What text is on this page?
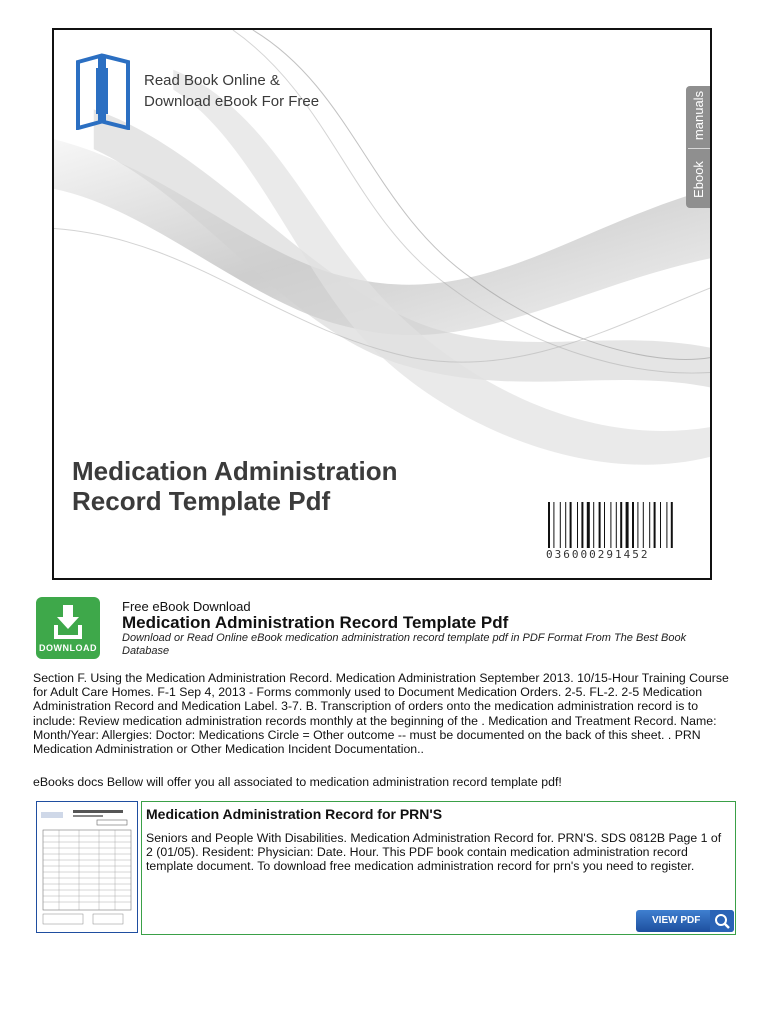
Read Book Online &
Download eBook For Free	manuals
Ebook
Medication Administration
Record Template Pdf
036000291452
DOWNLOAD
Free eBook Download
Medication Administration Record Template Pdf
Download or Read Online eBook medication administration record template pdf in PDF Format From The Best Book Database
Section F. Using the Medication Administration Record. Medication Administration September 2013. 10/15-Hour Training Course for Adult Care Homes. F-1 Sep 4, 2013 - Forms commonly used to Document Medication Orders. 2-5. FL-2. 2-5 Medication Administration Record and Medication Label. 3-7. B. Transcription of orders onto the medication administration record is to include: Review medication administration records monthly at the beginning of the . Medication and Treatment Record. Name: Month/Year: Allergies: Doctor: Medications Circle = Other outcome -- must be documented on the back of this sheet. . PRN Medication Administration or Other Medication Incident Documentation..
eBooks docs Bellow will offer you all associated to medication administration record template pdf!
Medication Administration Record for PRN'S
Seniors and People With Disabilities. Medication Administration Record for. PRN'S. SDS 0812B Page 1 of 2 (01/05). Resident: Physician: Date. Hour. This PDF book contain medication administration record template document. To download free medication administration record for prn's you need to register.
VIEW PDF
